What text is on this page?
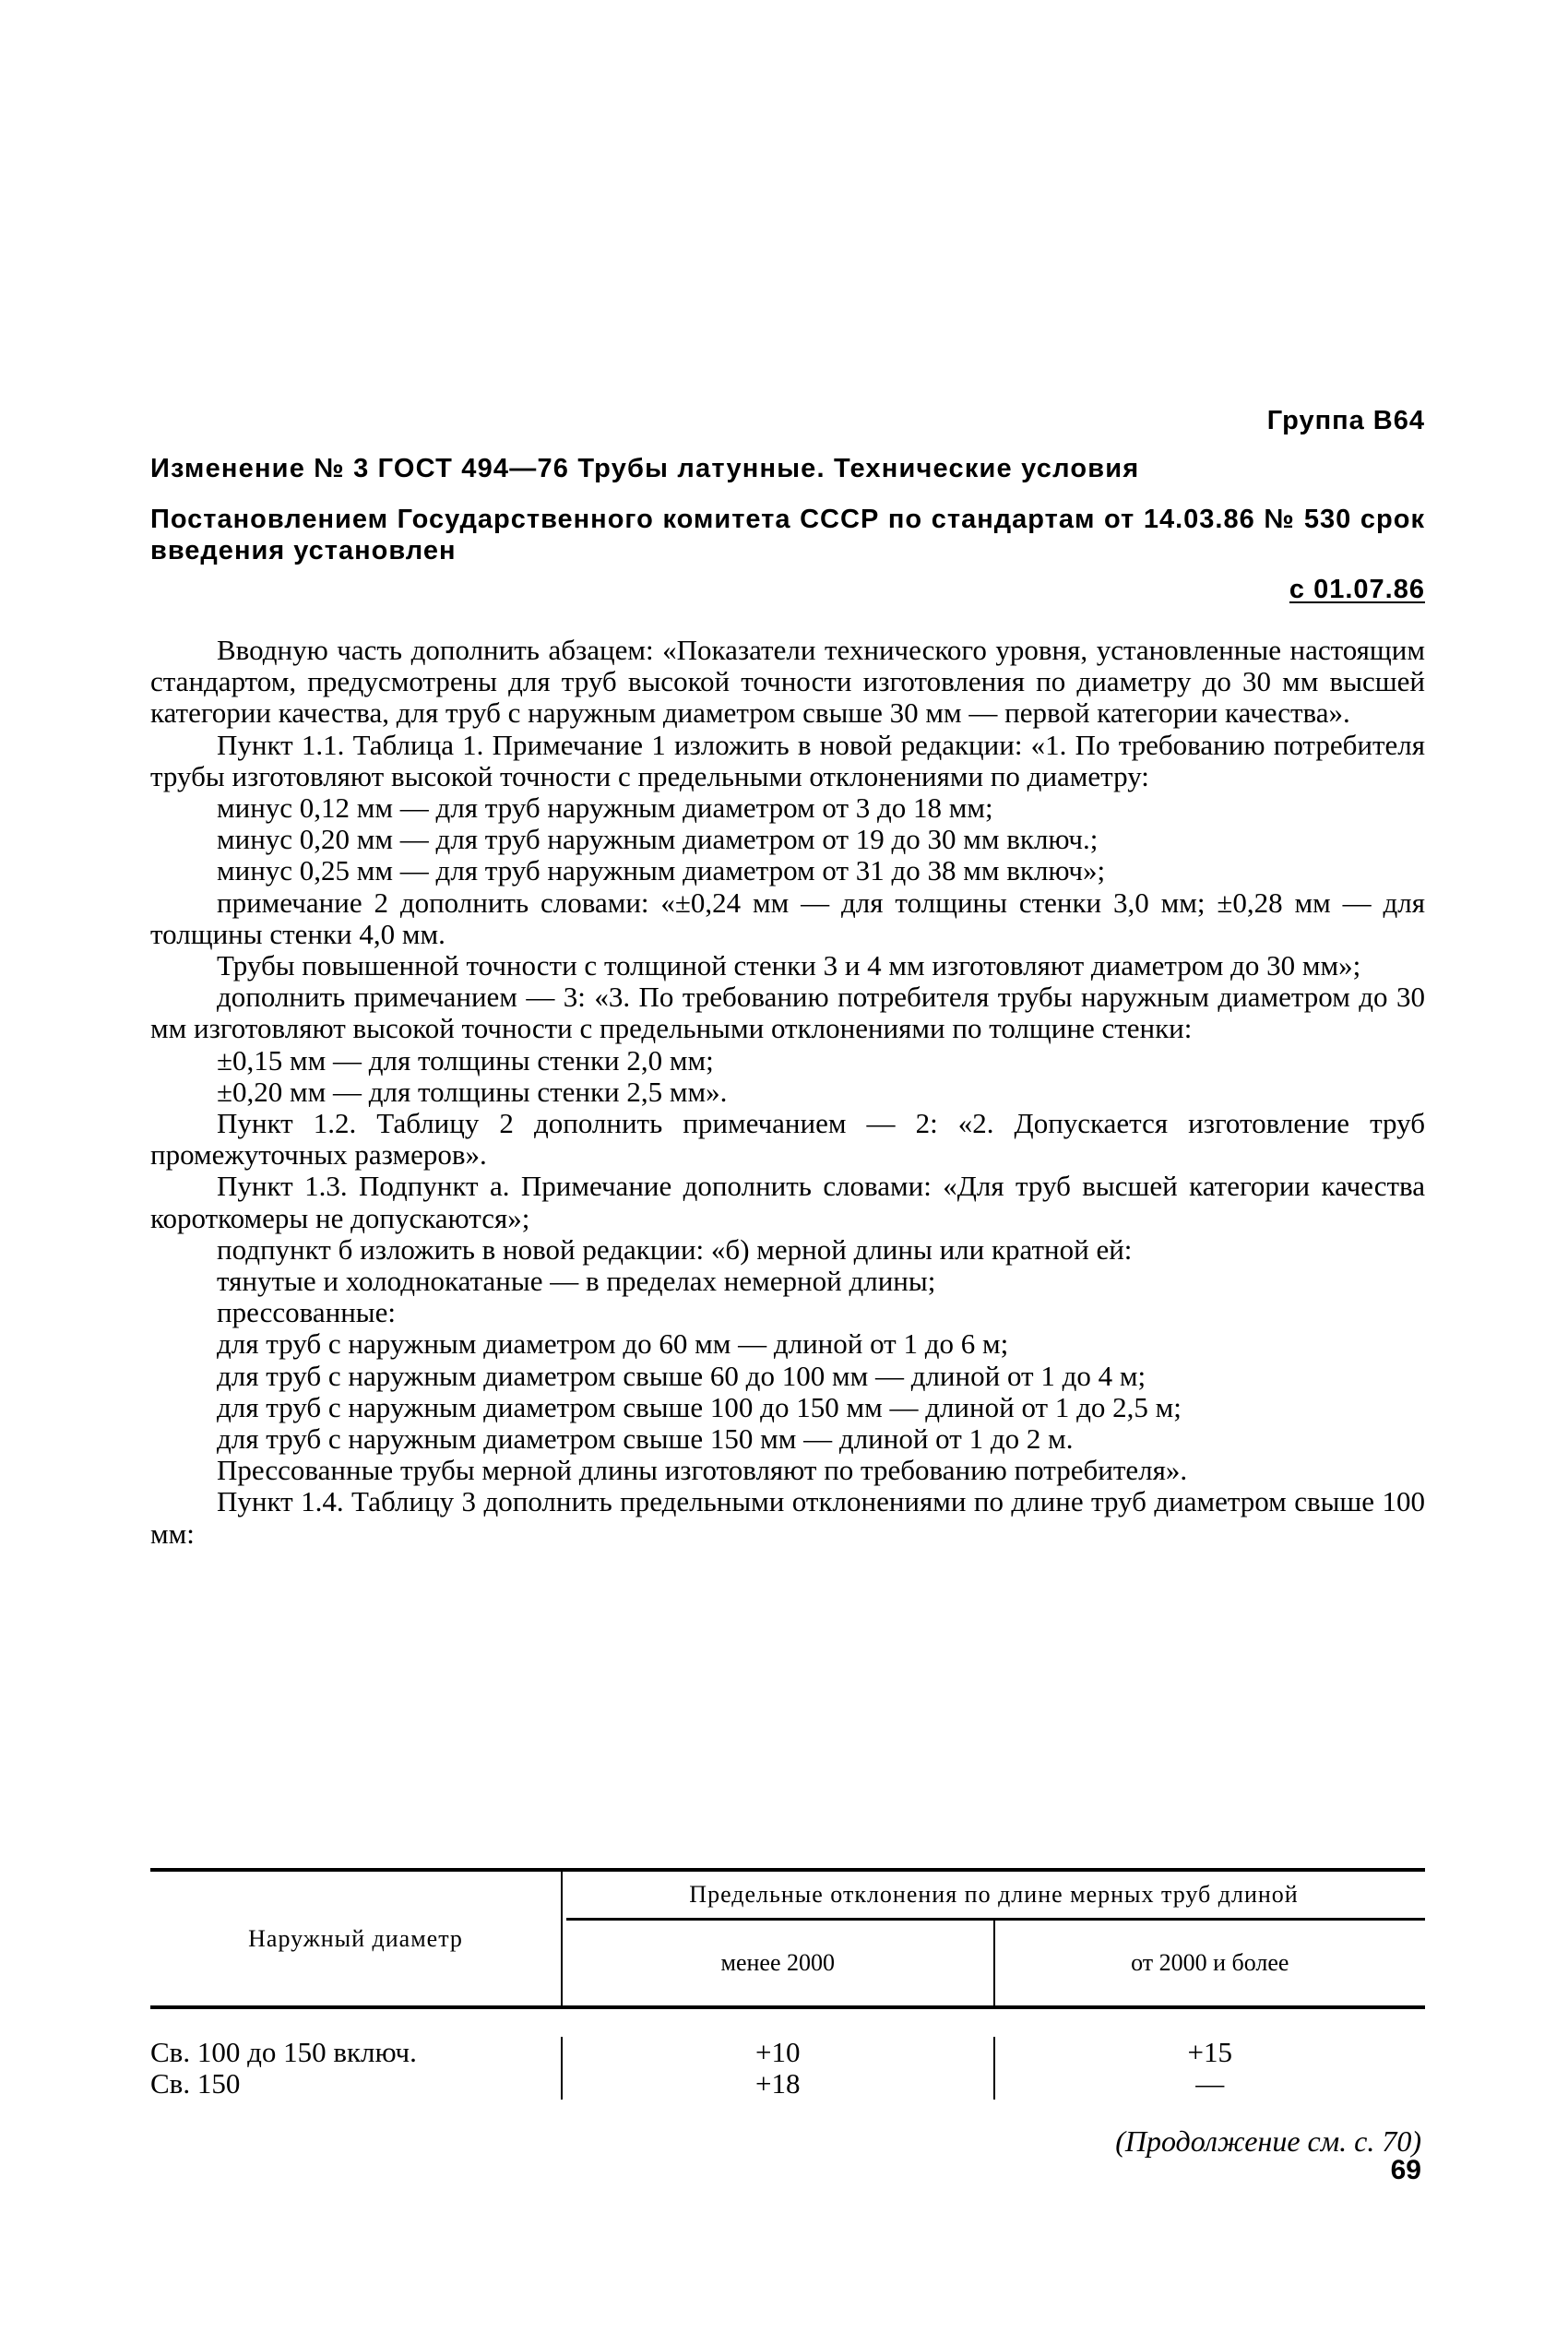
Группа В64
Изменение № 3 ГОСТ 494—76 Трубы латунные. Технические условия
Постановлением Государственного комитета СССР по стандартам от 14.03.86 № 530 срок введения установлен
с 01.07.86

Вводную часть дополнить абзацем: «Показатели технического уровня, установленные настоящим стандартом, предусмотрены для труб высокой точности изготовления по диаметру до 30 мм высшей категории качества, для труб с наружным диаметром свыше 30 мм — первой категории качества».

Пункт 1.1. Таблица 1. Примечание 1 изложить в новой редакции: «1. По требованию потребителя трубы изготовляют высокой точности с предельными отклонениями по диаметру:

минус 0,12 мм — для труб наружным диаметром от 3 до 18 мм;

минус 0,20 мм — для труб наружным диаметром от 19 до 30 мм включ.;

минус 0,25 мм — для труб наружным диаметром от 31 до 38 мм включ»;

примечание 2 дополнить словами: «±0,24 мм — для толщины стенки 3,0 мм; ±0,28 мм — для толщины стенки 4,0 мм.

Трубы повышенной точности с толщиной стенки 3 и 4 мм изготовляют диаметром до 30 мм»;

дополнить примечанием — 3: «3. По требованию потребителя трубы наружным диаметром до 30 мм изготовляют высокой точности с предельными отклонениями по толщине стенки:

±0,15 мм — для толщины стенки 2,0 мм;

±0,20 мм — для толщины стенки 2,5 мм».

Пункт 1.2. Таблицу 2 дополнить примечанием — 2: «2. Допускается изготовление труб промежуточных размеров».

Пункт 1.3. Подпункт а. Примечание дополнить словами: «Для труб высшей категории качества короткомеры не допускаются»;

подпункт б изложить в новой редакции: «б) мерной длины или кратной ей:

тянутые и холоднокатаные — в пределах немерной длины;

прессованные:

для труб с наружным диаметром до 60 мм — длиной от 1 до 6 м;

для труб с наружным диаметром свыше 60 до 100 мм — длиной от 1 до 4 м;

для труб с наружным диаметром свыше 100 до 150 мм — длиной от 1 до 2,5 м;

для труб с наружным диаметром свыше 150 мм — длиной от 1 до 2 м.

Прессованные трубы мерной длины изготовляют по требованию потребителя».

Пункт 1.4. Таблицу 3 дополнить предельными отклонениями по длине труб диаметром свыше 100 мм:

Наружный диаметр
Предельные отклонения по длине мерных труб длиной
менее 2000	от 2000 и более
Св. 100 до 150 включ.
Св. 150
+10
+18
+15
—
(Продолжение см. с. 70)
69
